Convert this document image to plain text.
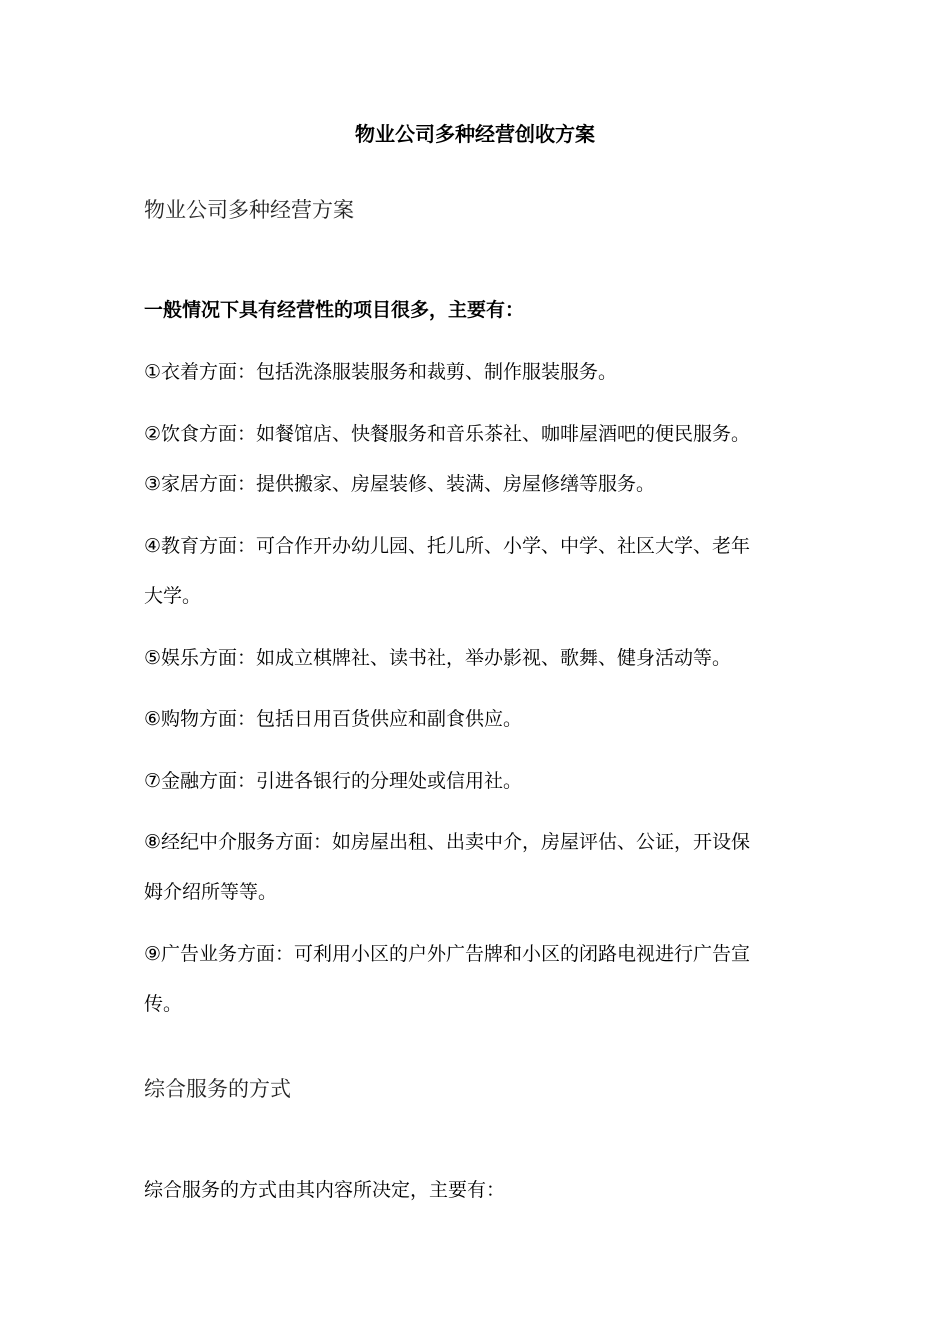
物业公司多种经营创收方案
物业公司多种经营方案
一般情况下具有经营性的项目很多，主要有：
①衣着方面：包括洗涤服装服务和裁剪、制作服装服务。
②饮食方面：如餐馆店、快餐服务和音乐茶社、咖啡屋酒吧的便民服务。
③家居方面：提供搬家、房屋装修、装满、房屋修缮等服务。
④教育方面：可合作开办幼儿园、托儿所、小学、中学、社区大学、老年
大学。
⑤娱乐方面：如成立棋牌社、读书社，举办影视、歌舞、健身活动等。
⑥购物方面：包括日用百货供应和副食供应。
⑦金融方面：引进各银行的分理处或信用社。
⑧经纪中介服务方面：如房屋出租、出卖中介，房屋评估、公证，开设保
姆介绍所等等。
⑨广告业务方面：可利用小区的户外广告牌和小区的闭路电视进行广告宣
传。
综合服务的方式
综合服务的方式由其内容所决定，主要有：
